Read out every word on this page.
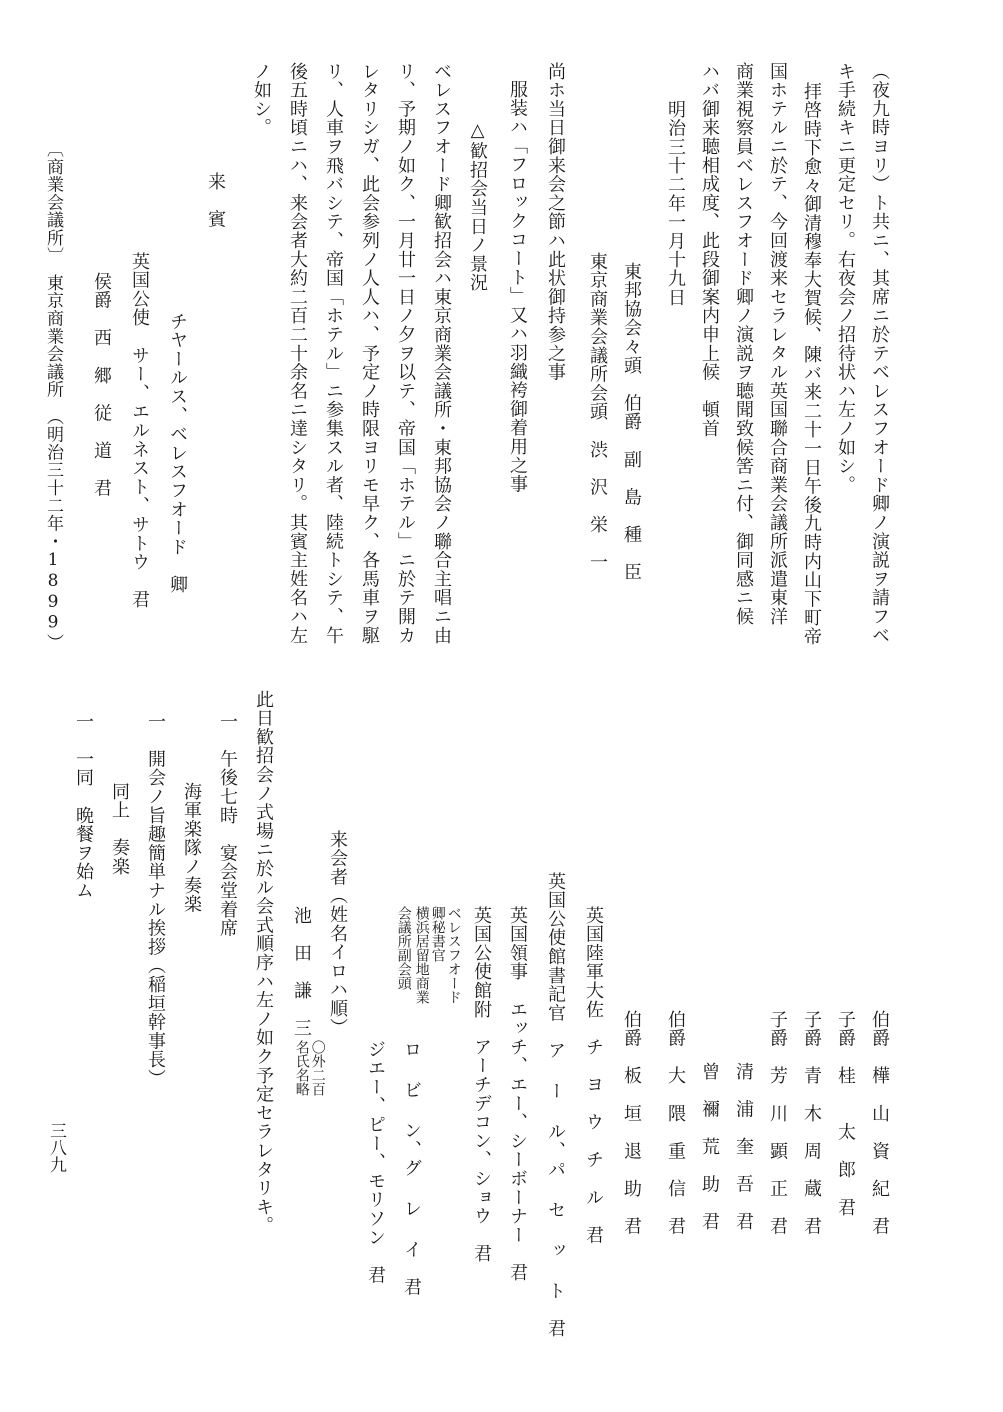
（夜九時ヨリ）ト共ニ、其席ニ於テベレスフオード卿ノ演説ヲ請フベ
キ手続キニ更定セリ。右夜会ノ招待状ハ左ノ如シ。
拝啓時下愈々御清穆奉大賀候、陳バ来二十一日午後九時内山下町帝
国ホテルニ於テ、今回渡来セラレタル英国聯合商業会議所派遣東洋
商業視察員ベレスフオード卿ノ演説ヲ聴聞致候筈ニ付、御同感ニ候
ハバ御来聴相成度、此段御案内申上候　頓首
明治三十二年一月十九日
東邦協会々頭　伯爵　副　島　種　臣
東京商業会議所会頭　渋　沢　栄　一
尚ホ当日御来会之節ハ此状御持参之事
服装ハ「フロックコート」又ハ羽織袴御着用之事
△歓招会当日ノ景況
ベレスフオード卿歓招会ハ東京商業会議所・東邦協会ノ聯合主唱ニ由
リ、予期ノ如ク、一月廿一日ノ夕ヲ以テ、帝国「ホテル」ニ於テ開カ
レタリシガ、此会参列ノ人人ハ、予定ノ時限ヨリモ早ク、各馬車ヲ駆
リ、人車ヲ飛バシテ、帝国「ホテル」ニ参集スル者、陸続トシテ、午
後五時頃ニハ、来会者大約二百二十余名ニ達シタリ。其賓主姓名ハ左
ノ如シ。
来　賓
チヤールス、ベレスフオード　卿
英国公使　サー、エルネスト、サトウ　君
侯爵　西　郷　従　道　君
〔商業会議所〕　東京商業会議所　（明治三十二年・1899）
伯爵　樺　山　資　紀　君
子爵　桂　　太　郎　君
子爵　青　木　周　蔵　君
子爵　芳　川　顕　正　君
清　浦　奎　吾　君
曾　禰　荒　助　君
伯爵　大　隈　重　信　君
伯爵　板　垣　退　助　君
英国陸軍大佐　チ　ヨ　ウ　チ　ル　君
英国公使館書記官　ア ー ル、パ セ ッ ト　君
英国領事　エッチ、エー、シーボーナー　君
英国公使館附　アーチデコン、ショウ　君
ベレスフオード
卿秘書官
ロ ビ ン、グ レ イ　君
横浜居留地商業
会議所副会頭
ジエー、ピー、モリソン　君
来会者（姓名イロハ順）
池　田　謙　三
〇外二百
名氏名略
此日歓招会ノ式場ニ於ル会式順序ハ左ノ如ク予定セラレタリキ。
一　午後七時　宴会堂着席
海軍楽隊ノ奏楽
一　開会ノ旨趣簡単ナル挨拶（稲垣幹事長）
同上　奏楽
一　一同　晩餐ヲ始ム
三八九
